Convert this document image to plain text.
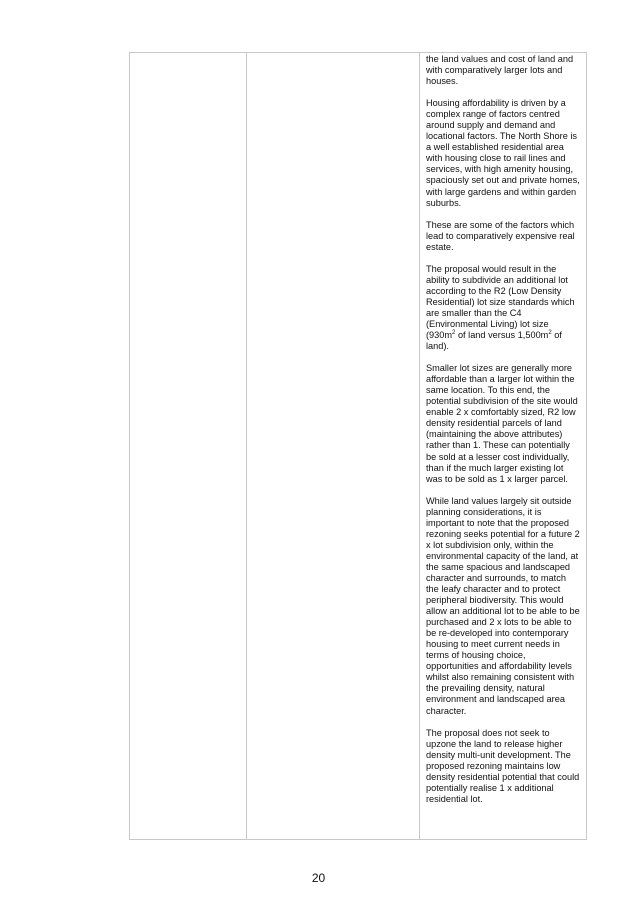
the land values and cost of land and with comparatively larger lots and houses.

Housing affordability is driven by a complex range of factors centred around supply and demand and locational factors. The North Shore is a well established residential area with housing close to rail lines and services, with high amenity housing, spaciously set out and private homes, with large gardens and within garden suburbs.

These are some of the factors which lead to comparatively expensive real estate.

The proposal would result in the ability to subdivide an additional lot according to the R2 (Low Density Residential) lot size standards which are smaller than the C4 (Environmental Living) lot size ($930m^2$ of land versus $1,500m^2$ of land).

Smaller lot sizes are generally more affordable than a larger lot within the same location. To this end, the potential subdivision of the site would enable 2 x comfortably sized, R2 low density residential parcels of land (maintaining the above attributes) rather than 1. These can potentially be sold at a lesser cost individually, than if the much larger existing lot was to be sold as 1 x larger parcel.

While land values largely sit outside planning considerations, it is important to note that the proposed rezoning seeks potential for a future 2 x lot subdivision only, within the environmental capacity of the land, at the same spacious and landscaped character and surrounds, to match the leafy character and to protect peripheral biodiversity. This would allow an additional lot to be able to be purchased and 2 x lots to be able to be re-developed into contemporary housing to meet current needs in terms of housing choice, opportunities and affordability levels whilst also remaining consistent with the prevailing density, natural environment and landscaped area character.

The proposal does not seek to upzone the land to release higher density multi-unit development. The proposed rezoning maintains low density residential potential that could potentially realise 1 x additional residential lot.

20
